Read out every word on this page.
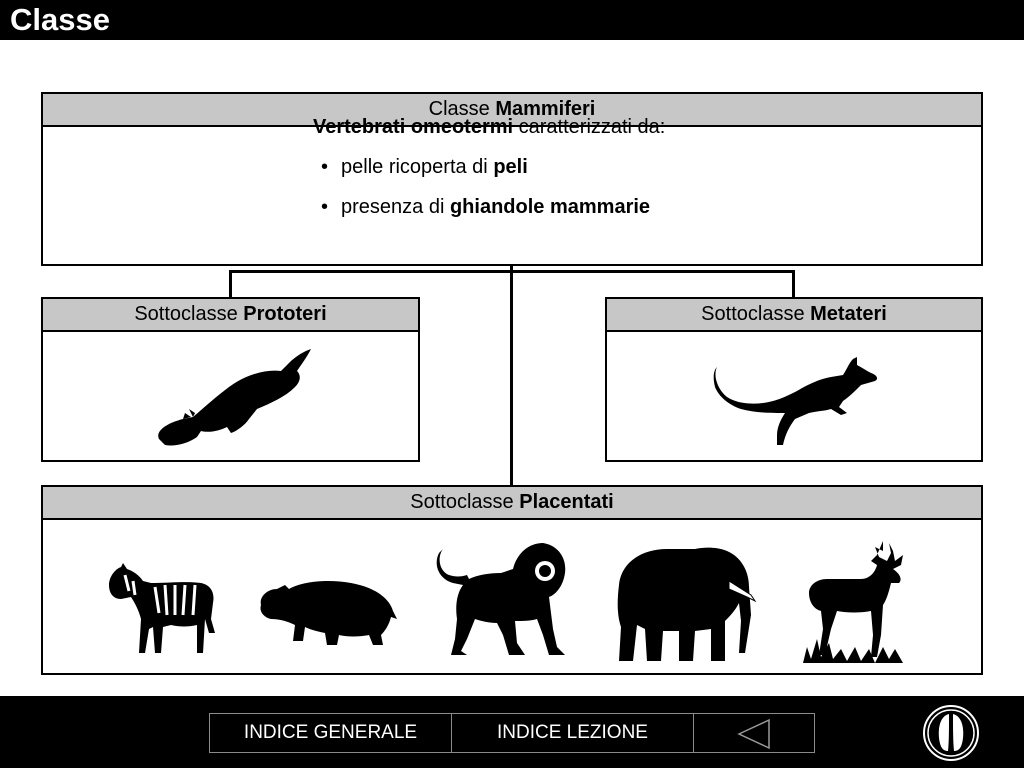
Classe
Classe Mammiferi
Vertebrati omeotermi caratterizzati da:
• pelle ricoperta di peli
• presenza di ghiandole mammarie
Sottoclasse Prototeri	Sottoclasse Metateri
Sottoclasse Placentati
INDICE GENERALE	INDICE LEZIONE
